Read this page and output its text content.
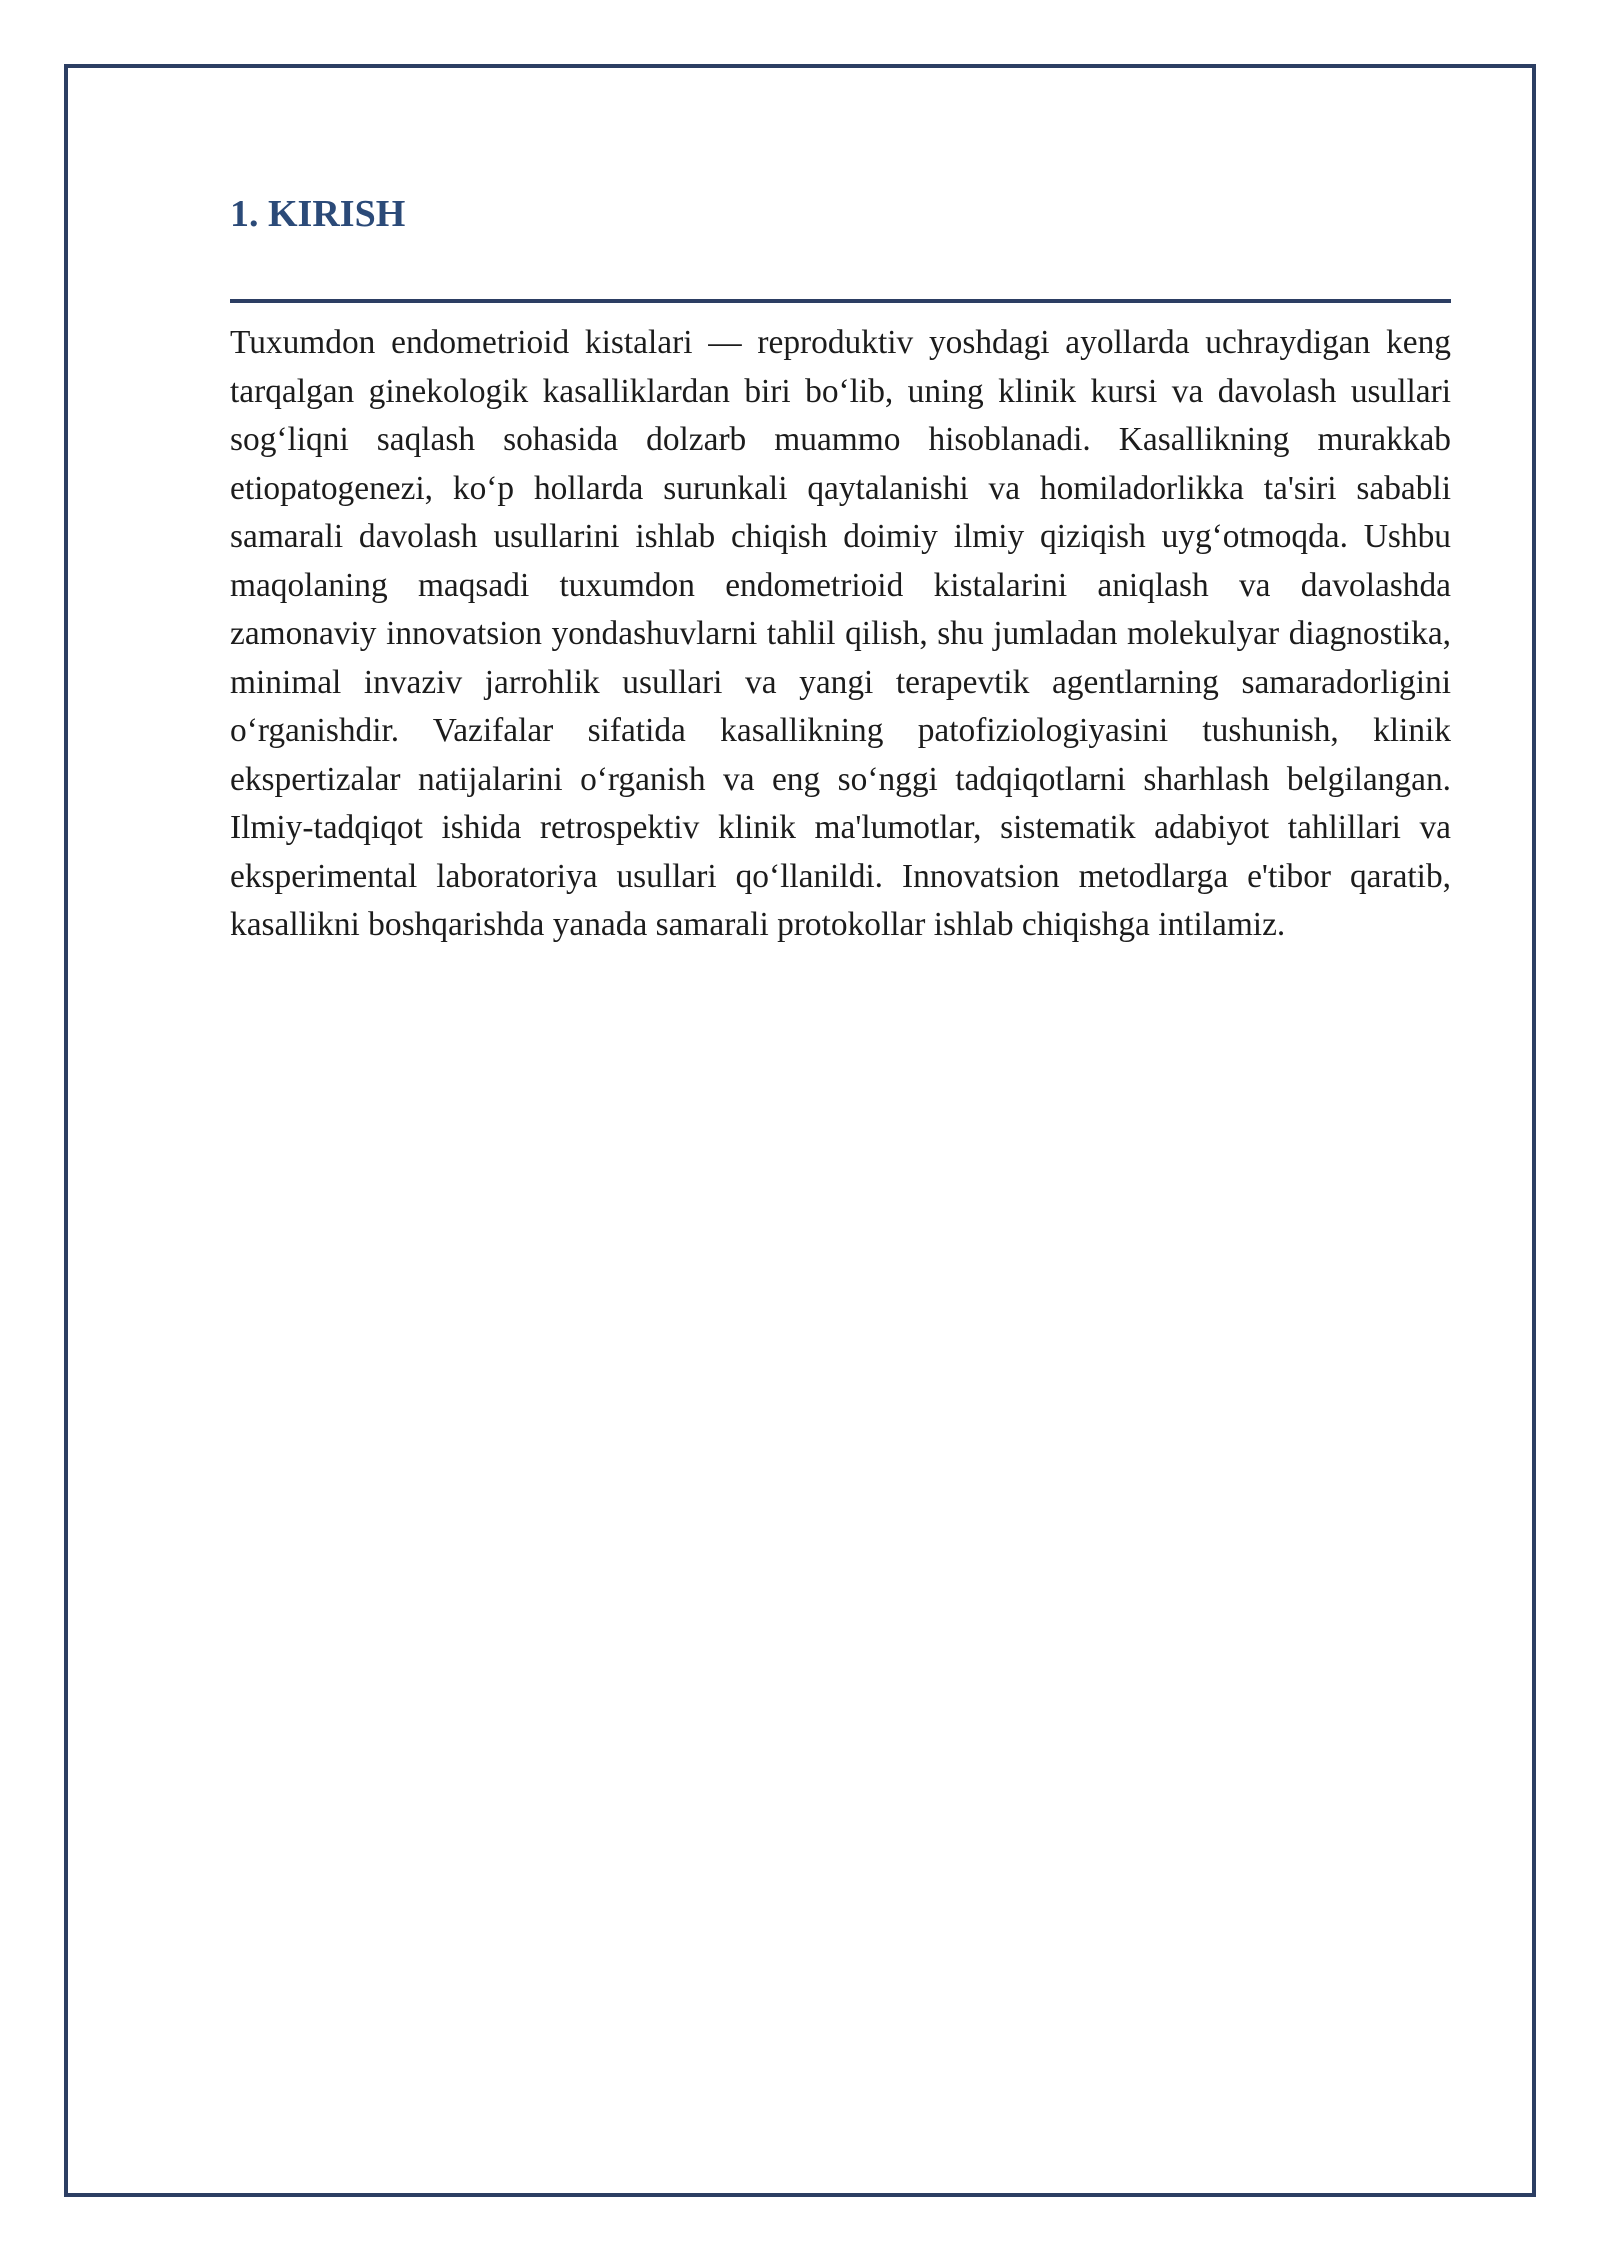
1. KIRISH

Tuxumdon endometrioid kistalari — reproduktiv yoshdagi ayollarda uchraydigan keng tarqalgan ginekologik kasalliklardan biri boʻlib, uning klinik kursi va davolash usullari sogʻliqni saqlash sohasida dolzarb muammo hisoblanadi. Kasallikning murakkab etiopatogenezi, koʻp hollarda surunkali qaytalanishi va homiladorlikka ta'siri sababli samarali davolash usullarini ishlab chiqish doimiy ilmiy qiziqish uygʻotmoqda. Ushbu maqolaning maqsadi tuxumdon endometrioid kistalarini aniqlash va davolashda zamonaviy innovatsion yondashuvlarni tahlil qilish, shu jumladan molekulyar diagnostika, minimal invaziv jarrohlik usullari va yangi terapevtik agentlarning samaradorligini oʻrganishdir. Vazifalar sifatida kasallikning patofiziologiyasini tushunish, klinik ekspertizalar natijalarini oʻrganish va eng soʻnggi tadqiqotlarni sharhlash belgilangan. Ilmiy-tadqiqot ishida retrospektiv klinik ma'lumotlar, sistematik adabiyot tahlillari va eksperimental laboratoriya usullari qoʻllanildi. Innovatsion metodlarga e'tibor qaratib, kasallikni boshqarishda yanada samarali protokollar ishlab chiqishga intilamiz.
